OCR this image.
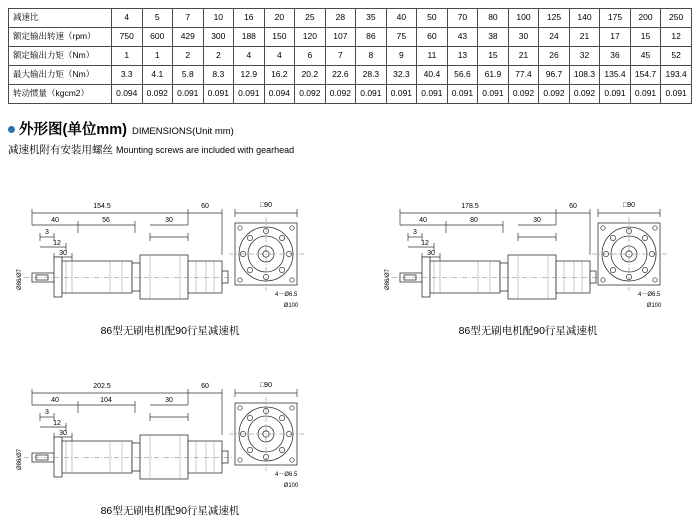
减速比	4	5	7	10	16	20	25	28	35	40	50	70	80	100	125	140	175	200	250
额定输出转速（rpm）	750	600	429	300	188	150	120	107	86	75	60	43	38	30	24	21	17	15	12
额定输出力矩（Nm）	1	1	2	2	4	4	6	7	8	9	11	13	15	21	26	32	36	45	52
最大输出力矩（Nm）	3.3	4.1	5.8	8.3	12.9	16.2	20.2	22.6	28.3	32.3	40.4	56.6	61.9	77.4	96.7	108.3	135.4	154.7	193.4
转动惯量（kgcm2）	0.094	0.092	0.091	0.091	0.091	0.094	0.092	0.092	0.091	0.091	0.091	0.091	0.091	0.092	0.092	0.092	0.091	0.091	0.091
外形图(单位mm) DIMENSIONS(Unit mm)
减速机附有安装用螺丝 Mounting screws are included with gearhead
154.5	60
40	56	30
3
12
30
Ø86/Ø7
86型无刷电机配90行星减速机
□90
4－Ø6.5
Ø100
178.5	60
40	80	30
3
12
30
Ø86/Ø7
86型无刷电机配90行星减速机
□90
4－Ø6.5
Ø100
202.5	60
40	104	30
3
12
30
Ø86/Ø7
86型无刷电机配90行星减速机
□90
4－Ø6.5
Ø100
